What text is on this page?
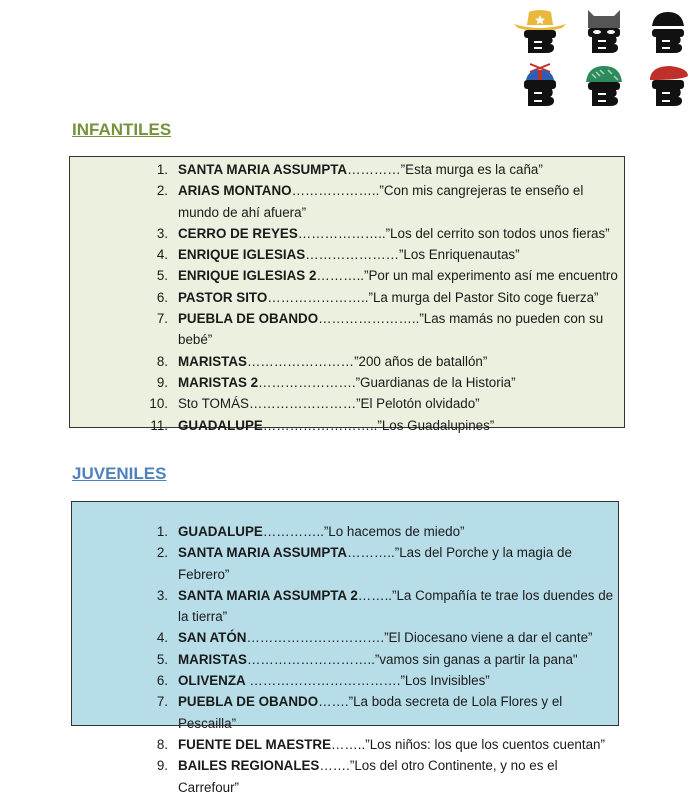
INFANTILES
1. SANTA MARIA ASSUMPTA…………”Esta murga es la caña”
2. ARIAS MONTANO………………..”Con mis cangrejeras te enseño el mundo de ahí afuera”
3. CERRO DE REYES………………..”Los del cerrito son todos unos fieras”
4. ENRIQUE IGLESIAS…………………”Los Enriquenautas”
5. ENRIQUE IGLESIAS 2………..”Por un mal experimento así me encuentro
6. PASTOR SITO…………………..”La murga del Pastor Sito coge fuerza”
7. PUEBLA DE OBANDO…………………..”Las mamás no pueden con su bebé”
8. MARISTAS……………………”200 años de batallón”
9. MARISTAS 2………………….”Guardianas de la Historia”
10. Sto TOMÁS……………………”El Pelotón olvidado”
11. GUADALUPE……………………..”Los Guadalupines”
JUVENILES
1. GUADALUPE…………..”Lo hacemos de miedo”
2. SANTA MARIA ASSUMPTA………..”Las del Porche y la magia de Febrero”
3. SANTA MARIA ASSUMPTA 2……..”La Compañía te trae los duendes de la tierra”
4. SAN ATÓN………………………….”El Diocesano viene a dar el cante”
5. MARISTAS………………………..”vamos sin ganas a partir la pana"
6. OLIVENZA …………………………….”Los Invisibles”
7. PUEBLA DE OBANDO…….”La boda secreta de Lola Flores y el Pescailla”
8. FUENTE DEL MAESTRE……..”Los niños: los que los cuentos cuentan”
9. BAILES REGIONALES…….”Los del otro Continente, y no es el Carrefour”
